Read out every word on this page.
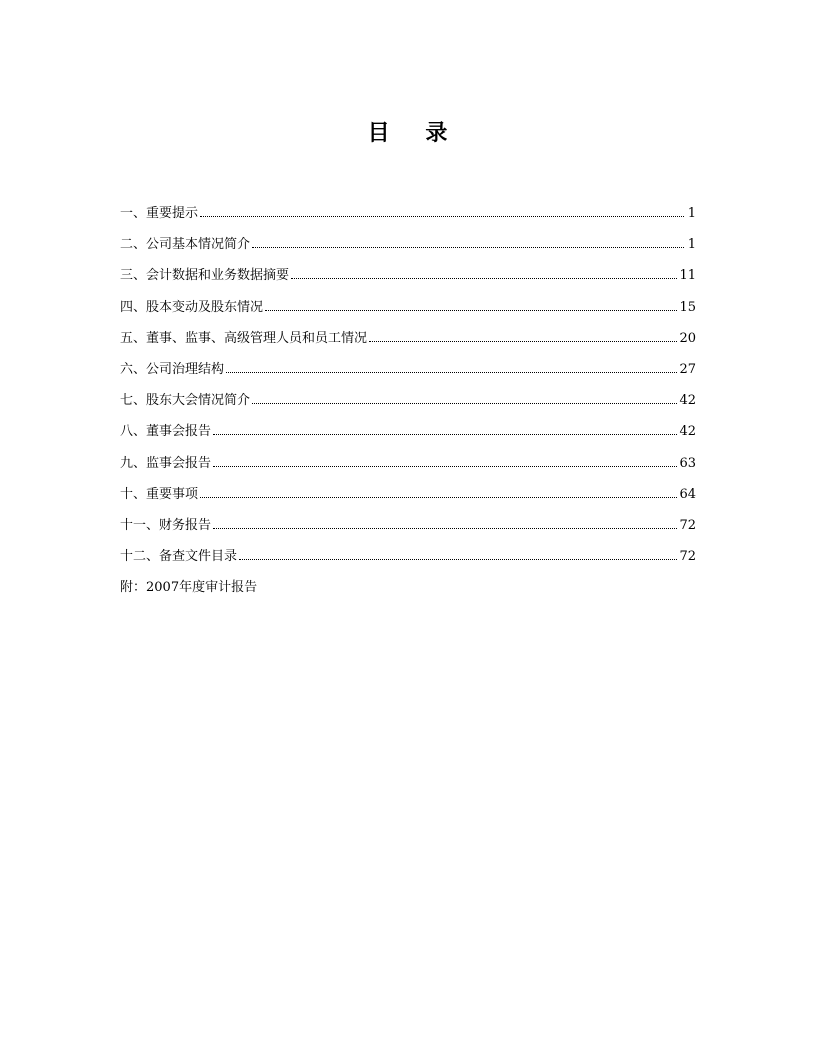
目 录
一、重要提示	1
二、公司基本情况简介	1
三、会计数据和业务数据摘要	11
四、股本变动及股东情况	15
五、董事、监事、高级管理人员和员工情况	20
六、公司治理结构	27
七、股东大会情况简介	42
八、董事会报告	42
九、监事会报告	63
十、重要事项	64
十一、财务报告	72
十二、备查文件目录	72
附：2007年度审计报告
